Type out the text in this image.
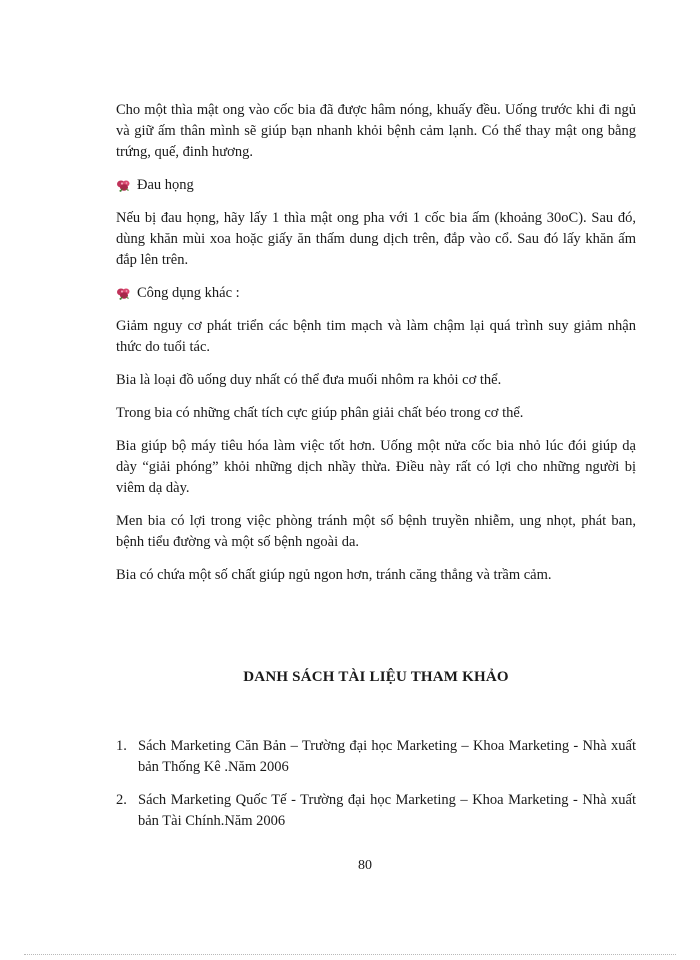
Cho một thìa mật ong vào cốc bia đã được hâm nóng, khuấy đều. Uống trước khi đi ngủ và giữ ấm thân mình sẽ giúp bạn nhanh khỏi bệnh cảm lạnh. Có thể thay mật ong bằng trứng, quế, đinh hương.

Đau họng

Nếu bị đau họng, hãy lấy 1 thìa mật ong pha với 1 cốc bia ấm (khoảng 30oC). Sau đó, dùng khăn mùi xoa hoặc giấy ăn thấm dung dịch trên, đắp vào cổ. Sau đó lấy khăn ấm đắp lên trên.

Công dụng khác :

Giảm nguy cơ phát triển các bệnh tim mạch và làm chậm lại quá trình suy giảm nhận thức do tuổi tác.

Bia là loại đồ uống duy nhất có thể đưa muối nhôm ra khỏi cơ thể.

Trong bia có những chất tích cực giúp phân giải chất béo trong cơ thể.

Bia giúp bộ máy tiêu hóa làm việc tốt hơn. Uống một nửa cốc bia nhỏ lúc đói giúp dạ dày “giải phóng” khỏi những dịch nhầy thừa. Điều này rất có lợi cho những người bị viêm dạ dày.

Men bia có lợi trong việc phòng tránh một số bệnh truyền nhiễm, ung nhọt, phát ban, bệnh tiểu đường và một số bệnh ngoài da.

Bia có chứa một số chất giúp ngủ ngon hơn, tránh căng thẳng và trầm cảm.

DANH SÁCH TÀI LIỆU THAM KHẢO
1. Sách Marketing Căn Bản – Trường đại học Marketing – Khoa Marketing - Nhà xuất bản Thống Kê .Năm 2006
2. Sách Marketing Quốc Tế - Trường đại học Marketing – Khoa Marketing - Nhà xuất bản Tài Chính.Năm 2006
80
